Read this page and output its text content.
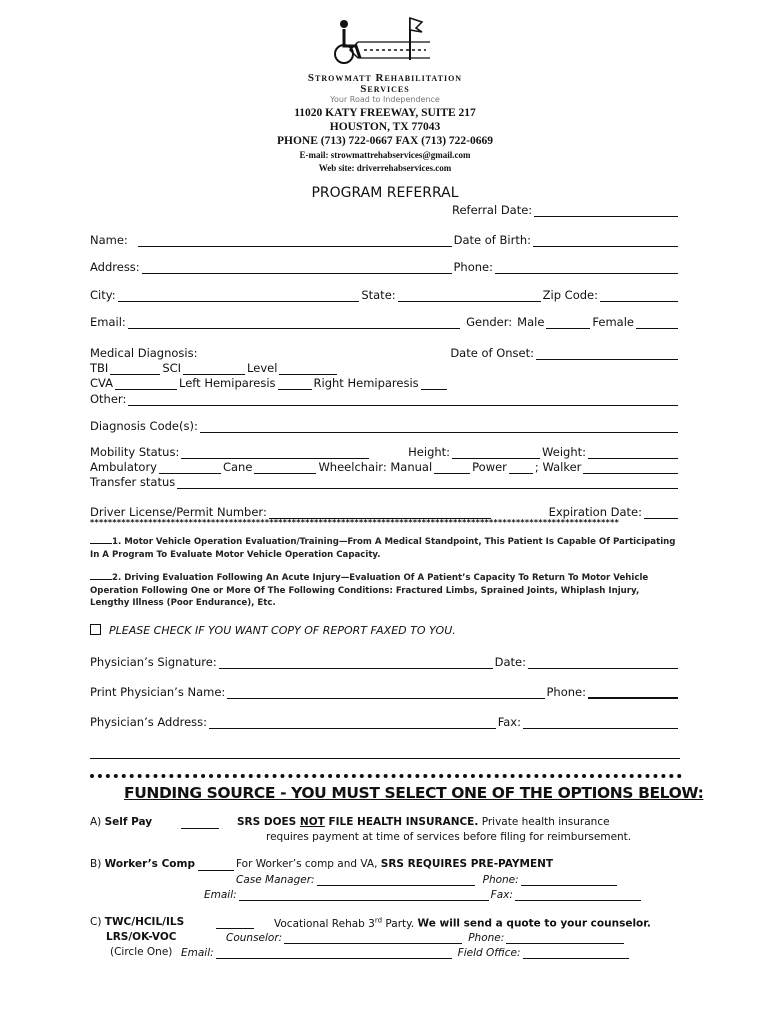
Strowmatt Rehabilitation
Services
Your Road to Independence
11020 KATY FREEWAY, SUITE 217
HOUSTON, TX 77043
PHONE (713) 722-0667 FAX (713) 722-0669
E-mail: strowmattrehabservices@gmail.com
Web site: driverrehabservices.com
PROGRAM REFERRAL
Referral Date:
Name:	Date of Birth:
Address:	Phone:
City:	State:	Zip Code:
Email:	Gender: Male	Female
Medical Diagnosis:	Date of Onset:
TBI	SCI	Level
CVA	Left Hemiparesis	Right Hemiparesis
Other:
Diagnosis Code(s):
Mobility Status:	Height:	Weight:
Ambulatory	Cane	Wheelchair: Manual	Power ; Walker
Transfer status
Driver License/Permit Number:	Expiration Date:
**********************************************************************************************************************
1. Motor Vehicle Operation Evaluation/Training—From A Medical Standpoint, This Patient Is Capable Of Participating In A Program To Evaluate Motor Vehicle Operation Capacity.
2. Driving Evaluation Following An Acute Injury—Evaluation Of A Patient’s Capacity To Return To Motor Vehicle Operation Following One or More Of The Following Conditions: Fractured Limbs, Sprained Joints, Whiplash Injury, Lengthy Illness (Poor Endurance), Etc.
PLEASE CHECK IF YOU WANT COPY OF REPORT FAXED TO YOU.
Physician’s Signature:	Date:
Print Physician’s Name:	Phone:
Physician’s Address:	Fax:
FUNDING SOURCE - YOU MUST SELECT ONE OF THE OPTIONS BELOW:
A) Self Pay	SRS DOES NOT FILE HEALTH INSURANCE. Private health insurance
requires payment at time of services before filing for reimbursement.
B) Worker’s Comp	For Worker’s comp and VA, SRS REQUIRES PRE-PAYMENT
Case Manager:	Phone:
Email:	Fax:
C) TWC/HCIL/ILS
LRS/OK-VOC
(Circle One)
Vocational Rehab 3rd Party. We will send a quote to your counselor.
Counselor:	Phone:
Email:	Field Office:
